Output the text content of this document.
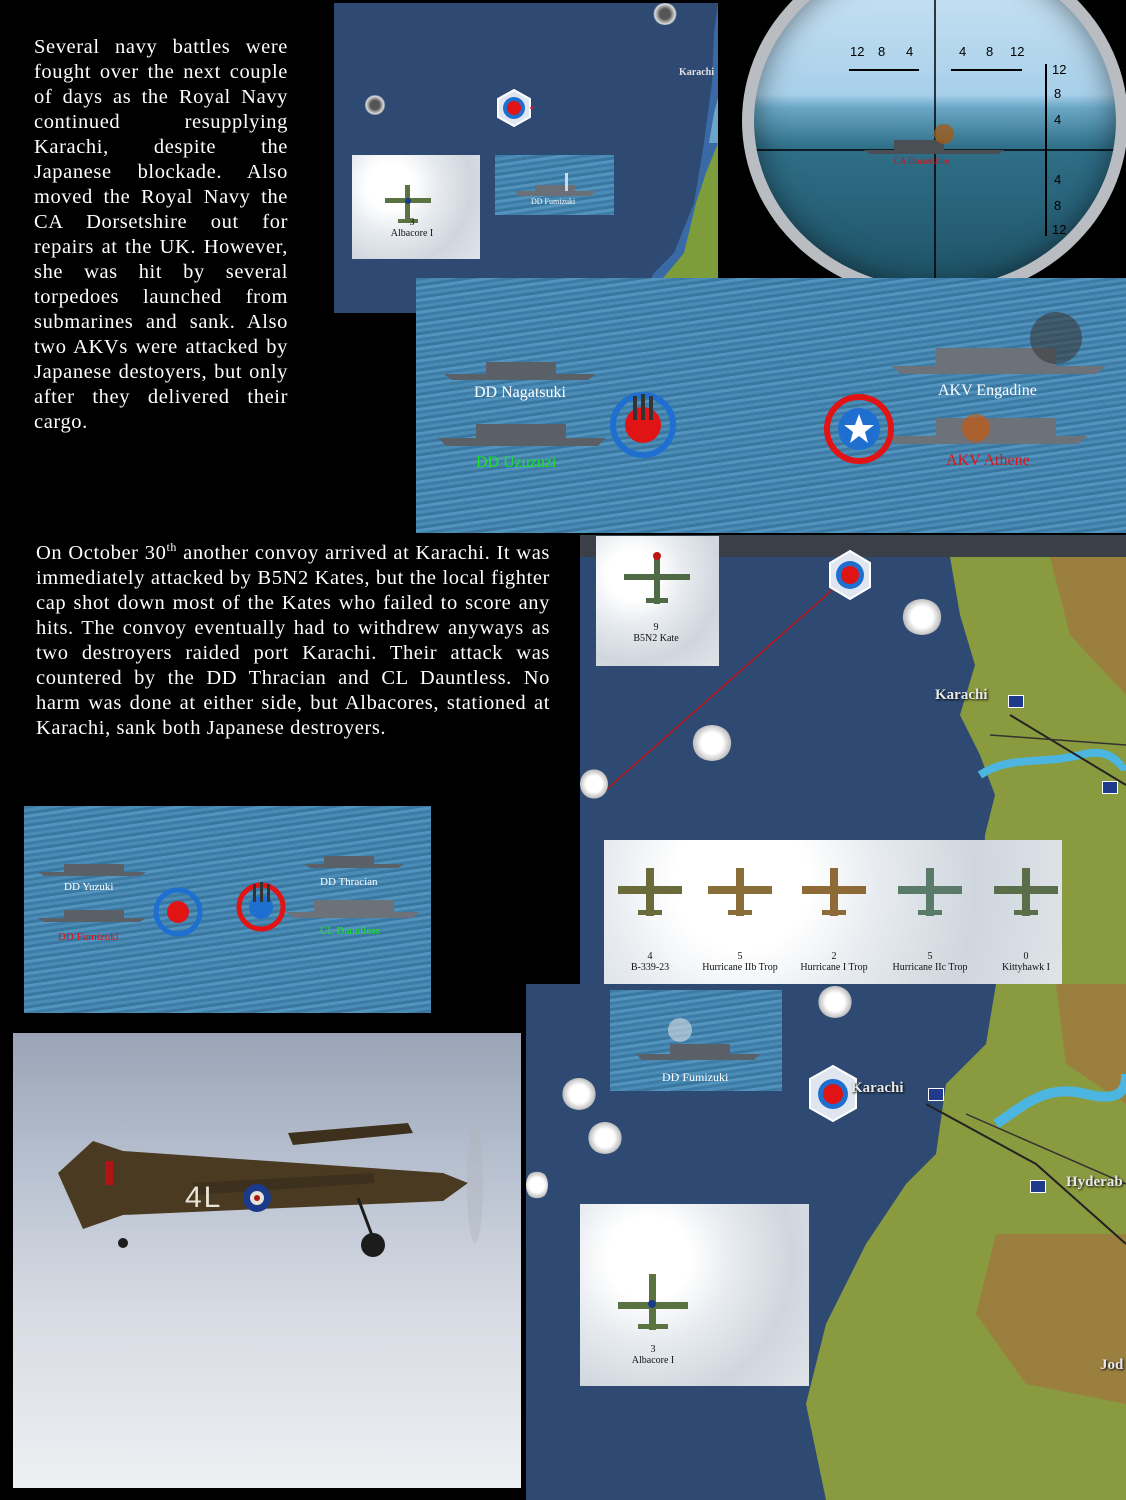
Several navy battles were fought over the next couple of days as the Royal Navy continued resupplying Karachi, despite the Japanese blockade. Also moved the Royal Navy the CA Dorsetshire out for repairs at the UK. However, she was hit by several torpedoes launched from submarines and sank. Also two AKVs were attacked by Japanese destoyers, but only after they delivered their cargo.
Karachi
3
Albacore I
DD Fumizuki
12 8 4	4 8 12
12
8
4
4
8
12
CA Dorsetshire
DD Nagatsuki
DD Uzuzuzi
AKV Engadine
AKV Athene
On October 30th another convoy arrived at Karachi. It was immediately attacked by B5N2 Kates, but the local fighter cap shot down most of the Kates who failed to score any hits. The convoy eventually had to withdrew anyways as two destroyers raided port Karachi. Their attack was countered by the DD Thracian and CL Dauntless. No harm was done at either side, but Albacores, stationed at Karachi, sank both Japanese destroyers.
Karachi
9
B5N2 Kate
4
B-339-23
5
Hurricane IIb Trop
2
Hurricane I Trop
5
Hurricane IIc Trop
0
Kittyhawk I
DD Yuzuki
DD Fumizuki
DD Thracian
CL Dauntless
4L
DD Fumizuki
Karachi
Hyderab
Jod
3
Albacore I
